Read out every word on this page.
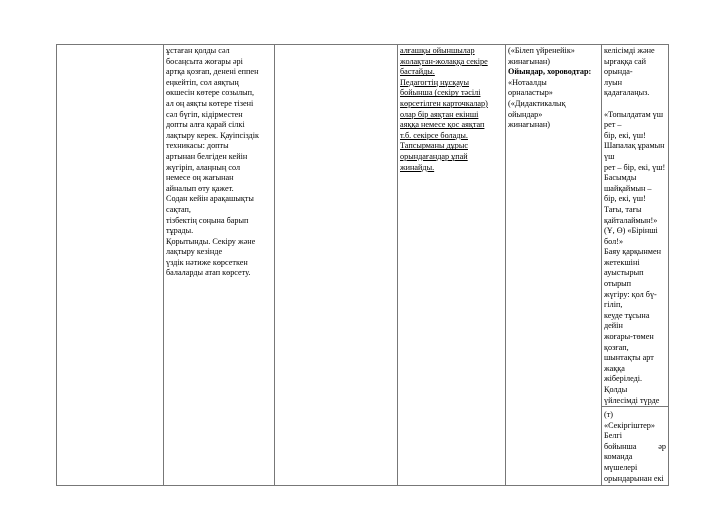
ұстаған қолды сәл
босаңсыта жоғары әрі
артқа қозғап, денені еппен
еңкейтіп, сол аяқтың
өкшесін көтере созылып,
ал оң аяқты көтере тізені
сәл бүгіп, кідірместен
допты алға қарай сілкі
лақтыру керек. Қауіпсіздік
техникасы: допты
артынан белгіден кейін
жүгіріп, алаңның сол
немесе оң жағынан
айналып өту қажет.
Содан кейін арақашықты
сақтап,
тізбектің соңына барып
тұрады.
Қорытынды. Секіру және
лақтыру кезінде
үздік нәтиже көрсеткен
балаларды атап көрсету.

алғашқы ойыншылар
жолақтан-жолаққа секіре
бастайды.
Педагогтің нұсқауы
бойынша (секіру тәсілі
көрсетілген карточкалар)
олар бір аяқтан екінші
аяққа немесе қос аяқтап
т.б. секірсе болады.
Тапсырманы дұрыс
орындағандар ұпай
жинайды.

(«Білеп үйренейік»
жинағынан)
Ойындар, хороводтар:
«Нотаалды
орналастыр»
(«Дидактикалық
ойындар»
жинағынан)

келісімді және
ырғаққа сай орында-
луын қадағалаңыз.

«Топылдатам үш рет –
бір, екі, үш!
Шапалақ ұрамын үш
рет – бір, екі, үш!
Басымды шайқаймын –
бір, екі, үш!
Тағы, тағы
қайталаймын!»
(Ұ, Ө) «Бірінші бол!»
Баяу қарқынмен
жетекшіні
ауыстырып отырып
жүгіру: қол бү- гіліп,
кеуде тұсына дейін
жоғары-төмен қозғап,
шынтақты арт жаққа
жіберіледі. Қолды
үйлесімді түрде

(т) «Секіргіштер» Белгі
бойынша әр команда
мүшелері
орындарынан екі
